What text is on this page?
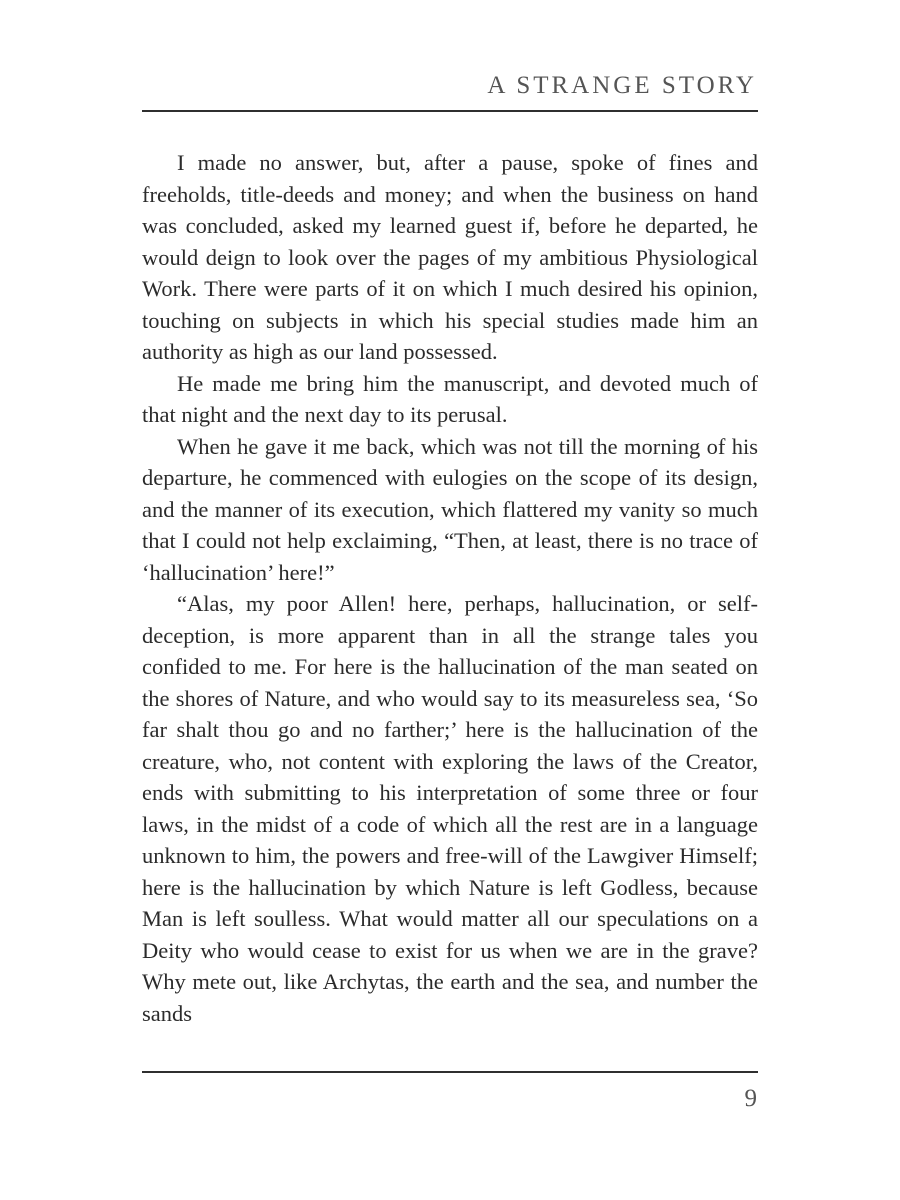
A STRANGE STORY

I made no answer, but, after a pause, spoke of fines and freeholds, title-deeds and money; and when the business on hand was concluded, asked my learned guest if, before he departed, he would deign to look over the pages of my ambitious Physiological Work. There were parts of it on which I much desired his opinion, touching on subjects in which his special studies made him an authority as high as our land possessed.

He made me bring him the manuscript, and devoted much of that night and the next day to its perusal.

When he gave it me back, which was not till the morning of his departure, he commenced with eulogies on the scope of its design, and the manner of its execution, which flattered my vanity so much that I could not help exclaiming, “Then, at least, there is no trace of ‘hallucination’ here!”

“Alas, my poor Allen! here, perhaps, hallucination, or self-deception, is more apparent than in all the strange tales you confided to me. For here is the hallucination of the man seated on the shores of Nature, and who would say to its measureless sea, ‘So far shalt thou go and no farther;’ here is the hallucination of the creature, who, not content with exploring the laws of the Creator, ends with submitting to his interpretation of some three or four laws, in the midst of a code of which all the rest are in a language unknown to him, the powers and free-will of the Lawgiver Himself; here is the hallucination by which Nature is left Godless, because Man is left soulless. What would matter all our speculations on a Deity who would cease to exist for us when we are in the grave? Why mete out, like Archytas, the earth and the sea, and number the sands

9
